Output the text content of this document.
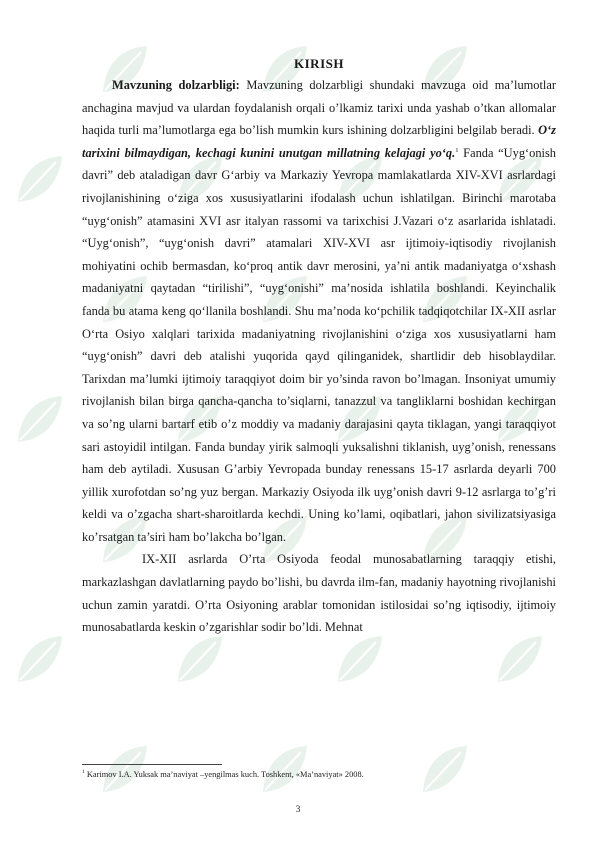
KIRISH

Mavzuning dolzarbligi: Mavzuning dolzarbligi shundaki mavzuga oid ma’lumotlar anchagina mavjud va ulardan foydalanish orqali o’lkamiz tarixi unda yashab o’tkan allomalar haqida turli ma’lumotlarga ega bo’lish mumkin kurs ishining dolzarbligini belgilab beradi. O‘z tarixini bilmaydigan, kechagi kunini unutgan millatning kelajagi yo‘q.$^1$ Fanda “Uyg‘onish davri” deb ataladigan davr G‘arbiy va Markaziy Yevropa mamlakatlarda XIV-XVI asrlardagi rivojlanishining o‘ziga xos xususiyatlarini ifodalash uchun ishlatilgan. Birinchi marotaba “uyg‘onish” atamasini XVI asr italyan rassomi va tarixchisi J.Vazari o‘z asarlarida ishlatadi. “Uyg‘onish”, “uyg‘onish davri” atamalari XIV-XVI asr ijtimoiy-iqtisodiy rivojlanish mohiyatini ochib bermasdan, ko‘proq antik davr merosini, ya’ni antik madaniyatga o‘xshash madaniyatni qaytadan “tirilishi”, “uyg‘onishi” ma’nosida ishlatila boshlandi. Keyinchalik fanda bu atama keng qo‘llanila boshlandi. Shu ma’noda ko‘pchilik tadqiqotchilar IX-XII asrlar O‘rta Osiyo xalqlari tarixida madaniyatning rivojlanishini o‘ziga xos xususiyatlarni ham “uyg‘onish” davri deb atalishi yuqorida qayd qilinganidek, shartlidir deb hisoblaydilar. Tarixdan ma’lumki ijtimoiy taraqqiyot doim bir yo’sinda ravon bo’lmagan. Insoniyat umumiy rivojlanish bilan birga qancha-qancha to’siqlarni, tanazzul va tangliklarni boshidan kechirgan va so’ng ularni bartarf etib o’z moddiy va madaniy darajasini qayta tiklagan, yangi taraqqiyot sari astoyidil intilgan. Fanda bunday yirik salmoqli yuksalishni tiklanish, uyg’onish, renessans ham deb aytiladi. Xususan G’arbiy Yevropada bunday renessans 15-17 asrlarda deyarli 700 yillik xurofotdan so’ng yuz bergan. Markaziy Osiyoda ilk uyg’onish davri 9-12 asrlarga to’g’ri keldi va o’zgacha shart-sharoitlarda kechdi. Uning ko’lami, oqibatlari, jahon sivilizatsiyasiga ko’rsatgan ta’siri ham bo’lakcha bo’lgan.

IX-XII asrlarda O’rta Osiyoda feodal munosabatlarning taraqqiy etishi, markazlashgan davlatlarning paydo bo’lishi, bu davrda ilm-fan, madaniy hayotning rivojlanishi uchun zamin yaratdi. O’rta Osiyoning arablar tomonidan istilosidai so’ng iqtisodiy, ijtimoiy munosabatlarda keskin o’zgarishlar sodir bo’ldi. Mehnat

$^1$ Karimov I.A. Yuksak ma’naviyat –yengilmas kuch. Toshkent, «Ma’naviyat» 2008.
3
